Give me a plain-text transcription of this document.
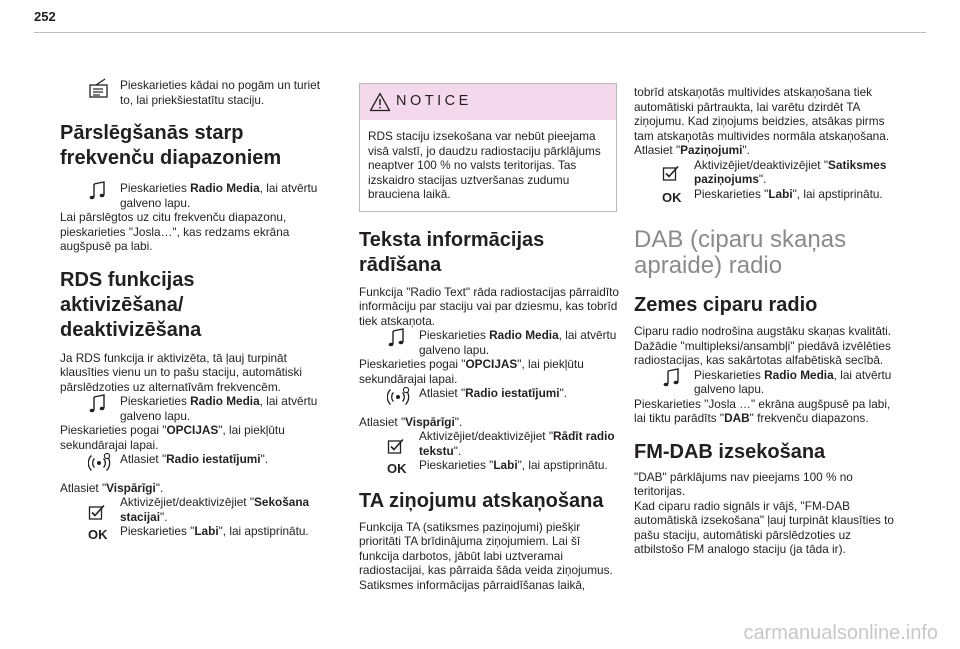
252
Pieskarieties kādai no pogām un turiet to, lai priekšiestatītu staciju.
Pārslēgšanās starp frekvenču diapazoniem
Pieskarieties Radio Media, lai atvērtu galveno lapu.

Lai pārslēgtos uz citu frekvenču diapazonu, pieskarieties "Josla…", kas redzams ekrāna augšpusē pa labi.

RDS funkcijas aktivizēšana/ deaktivizēšana

Ja RDS funkcija ir aktivizēta, tā ļauj turpināt klausīties vienu un to pašu staciju, automātiski pārslēdzoties uz alternatīvām frekvencēm.

Pieskarieties Radio Media, lai atvērtu galveno lapu.

Pieskarieties pogai "OPCIJAS", lai piekļūtu sekundārajai lapai.

Atlasiet "Radio iestatījumi".

Atlasiet "Vispārīgi".

Aktivizējiet/deaktivizējiet "Sekošana stacijai".
OK Pieskarieties "Labi", lai apstiprinātu.
NOTICE

RDS staciju izsekošana var nebūt pieejama visā valstī, jo daudzu radiostaciju pārklājums neaptver 100 % no valsts teritorijas. Tas izskaidro stacijas uztveršanas zudumu brauciena laikā.

Teksta informācijas rādīšana

Funkcija "Radio Text" rāda radiostacijas pārraidīto informāciju par staciju vai par dziesmu, kas tobrīd tiek atskaņota.

Pieskarieties Radio Media, lai atvērtu galveno lapu.

Pieskarieties pogai "OPCIJAS", lai piekļūtu sekundārajai lapai.

Atlasiet "Radio iestatījumi".

Atlasiet "Vispārīgi".

Aktivizējiet/deaktivizējiet "Rādīt radio tekstu".
OK Pieskarieties "Labi", lai apstiprinātu.
TA ziņojumu atskaņošana

Funkcija TA (satiksmes paziņojumi) piešķir prioritāti TA brīdinājuma ziņojumiem. Lai šī funkcija darbotos, jābūt labi uztveramai radiostacijai, kas pārraida šāda veida ziņojumus. Satiksmes informācijas pārraidīšanas laikā,

tobrīd atskaņotās multivides atskaņošana tiek automātiski pārtraukta, lai varētu dzirdēt TA ziņojumu. Kad ziņojums beidzies, atsākas pirms tam atskaņotās multivides normāla atskaņošana.

Atlasiet "Paziņojumi".

Aktivizējiet/deaktivizējiet "Satiksmes paziņojums".
OK Pieskarieties "Labi", lai apstiprinātu.
DAB (ciparu skaņas apraide) radio
Zemes ciparu radio

Ciparu radio nodrošina augstāku skaņas kvalitāti.

Dažādie "multipleksi/ansambļi" piedāvā izvēlēties radiostacijas, kas sakārtotas alfabētiskā secībā.

Pieskarieties Radio Media, lai atvērtu galveno lapu.

Pieskarieties "Josla …" ekrāna augšpusē pa labi, lai tiktu parādīts "DAB" frekvenču diapazons.

FM-DAB izsekošana

"DAB" pārklājums nav pieejams 100 % no teritorijas.

Kad ciparu radio signāls ir vājš, "FM-DAB automātiskā izsekošana" ļauj turpināt klausīties to pašu staciju, automātiski pārslēdzoties uz atbilstošo FM analogo staciju (ja tāda ir).

carmanualsonline.info
